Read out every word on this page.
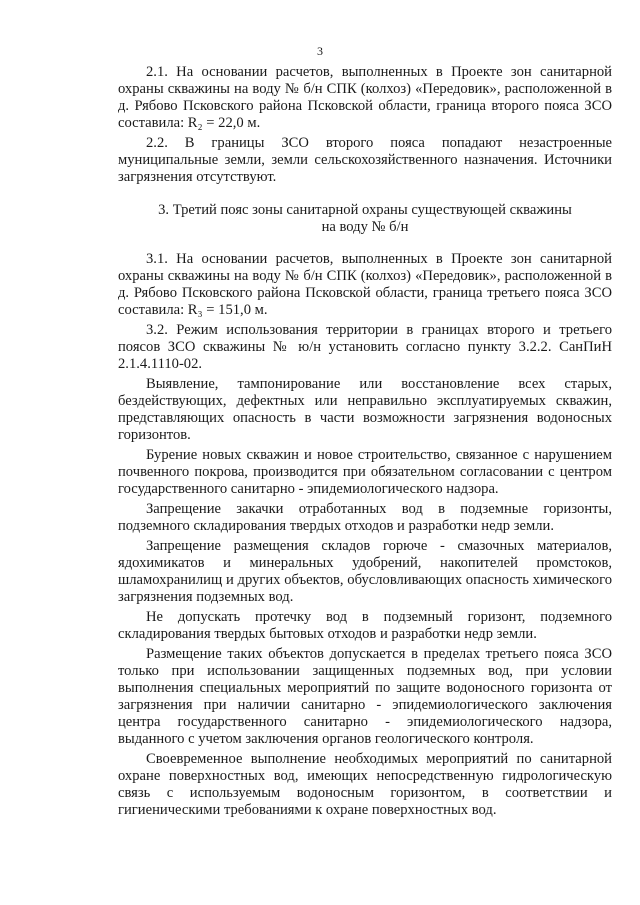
3

2.1. На основании расчетов, выполненных в Проекте зон санитарной охраны скважины на воду № б/н СПК (колхоз) «Передовик», расположенной в д. Рябово Псковского района Псковской области, граница второго пояса ЗСО составила: R₂ = 22,0 м.

2.2. В границы ЗСО второго пояса попадают незастроенные муниципальные земли, земли сельскохозяйственного назначения. Источники загрязнения отсутствуют.

3. Третий пояс зоны санитарной охраны существующей скважины

на воду № б/н

3.1. На основании расчетов, выполненных в Проекте зон санитарной охраны скважины на воду № б/н СПК (колхоз) «Передовик», расположенной в д. Рябово Псковского района Псковской области, граница третьего пояса ЗСО составила: R₃ = 151,0 м.

3.2. Режим использования территории в границах второго и третьего поясов ЗСО скважины № ю/н установить согласно пункту 3.2.2. СанПиН 2.1.4.1110-02.

Выявление, тампонирование или восстановление всех старых, бездействующих, дефектных или неправильно эксплуатируемых скважин, представляющих опасность в части возможности загрязнения водоносных горизонтов.

Бурение новых скважин и новое строительство, связанное с нарушением почвенного покрова, производится при обязательном согласовании с центром государственного санитарно - эпидемиологического надзора.

Запрещение закачки отработанных вод в подземные горизонты, подземного складирования твердых отходов и разработки недр земли.

Запрещение размещения складов горюче - смазочных материалов, ядохимикатов и минеральных удобрений, накопителей промстоков, шламохранилищ и других объектов, обусловливающих опасность химического загрязнения подземных вод.

Не допускать протечку вод в подземный горизонт, подземного складирования твердых бытовых отходов и разработки недр земли.

Размещение таких объектов допускается в пределах третьего пояса ЗСО только при использовании защищенных подземных вод, при условии выполнения специальных мероприятий по защите водоносного горизонта от загрязнения при наличии санитарно - эпидемиологического заключения центра государственного санитарно - эпидемиологического надзора, выданного с учетом заключения органов геологического контроля.

Своевременное выполнение необходимых мероприятий по санитарной охране поверхностных вод, имеющих непосредственную гидрологическую связь с используемым водоносным горизонтом, в соответствии и гигиеническими требованиями к охране поверхностных вод.
